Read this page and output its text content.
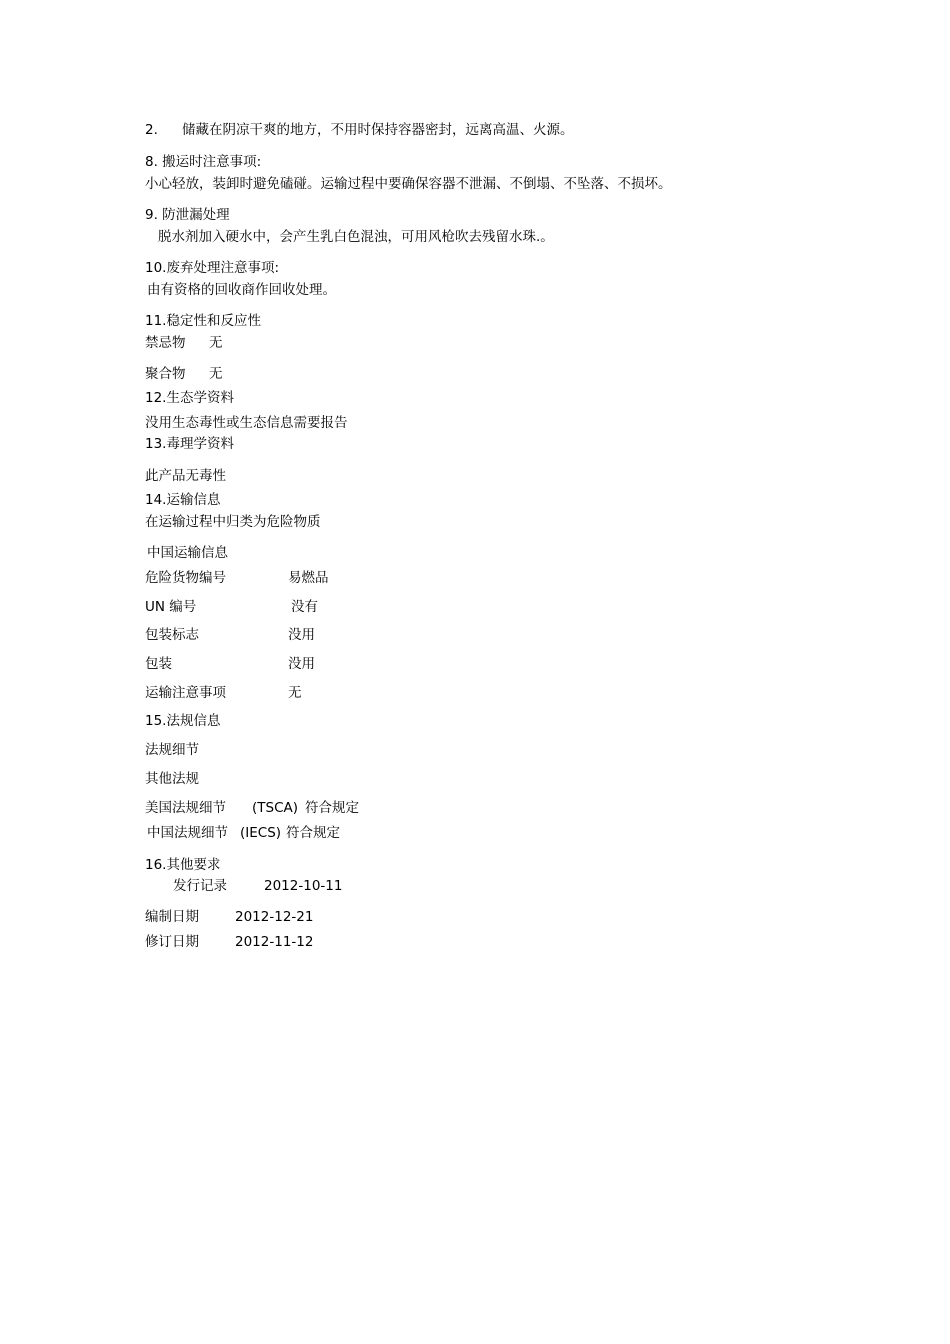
2. 储藏在阴凉干爽的地方，不用时保持容器密封，远离高温、火源。
8. 搬运时注意事项:
小心轻放，装卸时避免磕碰。运输过程中要确保容器不泄漏、不倒塌、不坠落、不损坏。
9. 防泄漏处理
脱水剂加入硬水中，会产生乳白色混浊，可用风枪吹去残留水珠.。
10.废弃处理注意事项:
由有资格的回收商作回收处理。
11.稳定性和反应性
禁忌物 无
聚合物 无
12.生态学资料
没用生态毒性或生态信息需要报告
13.毒理学资料
此产品无毒性
14.运输信息
在运输过程中归类为危险物质
中国运输信息
危险货物编号	易燃品
UN 编号	没有
包装标志	没用
包装	没用
运输注意事项	无
15.法规信息
法规细节
其他法规
美国法规细节 (TSCA) 符合规定
中国法规细节 (IECS) 符合规定
16.其他要求
发行记录	2012-10-11
编制日期	2012-12-21
修订日期	2012-11-12
